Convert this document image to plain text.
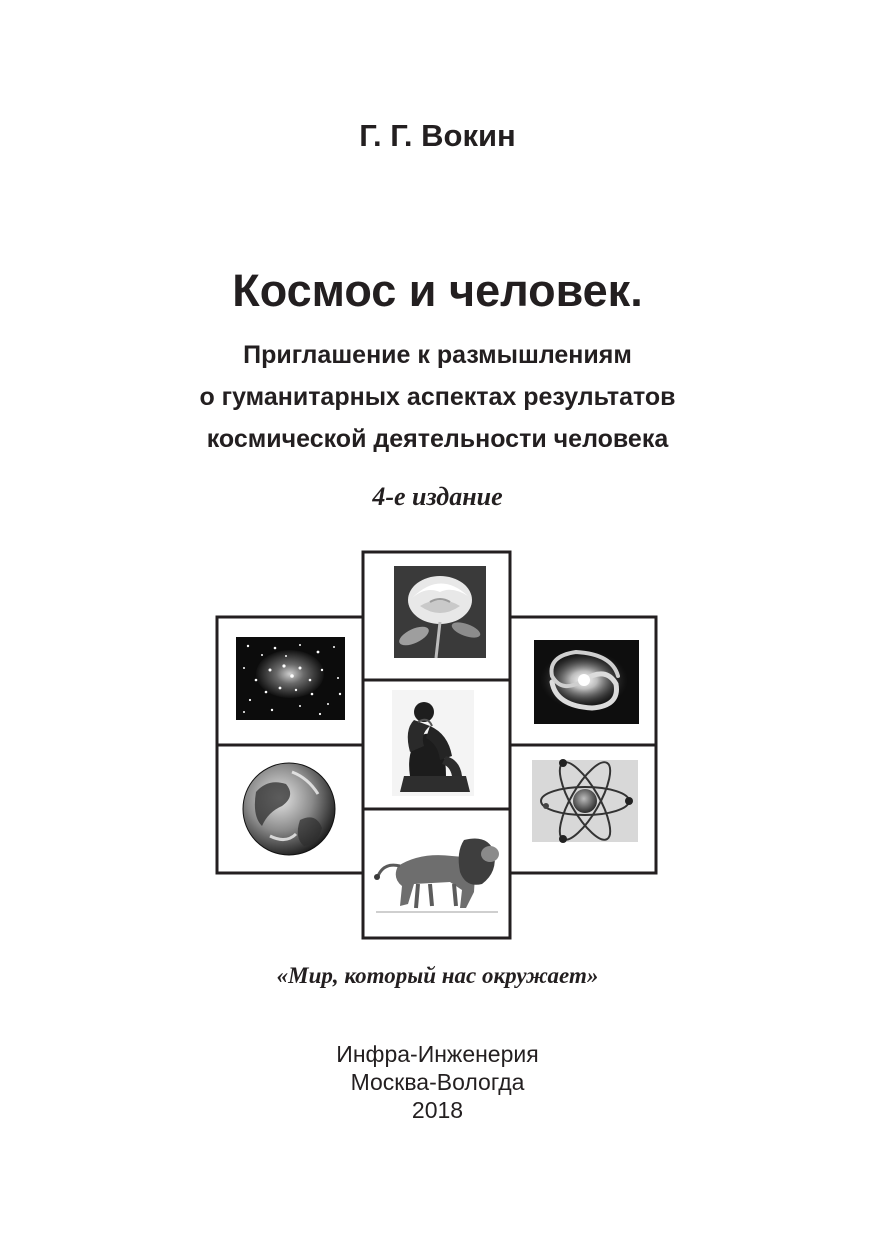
Г. Г. Вокин
Космос и человек.
Приглашение к размышлениям
о гуманитарных аспектах результатов
космической деятельности человека
4-е издание
«Мир, который нас окружает»
Инфра-Инженерия
Москва-Вологда
2018
